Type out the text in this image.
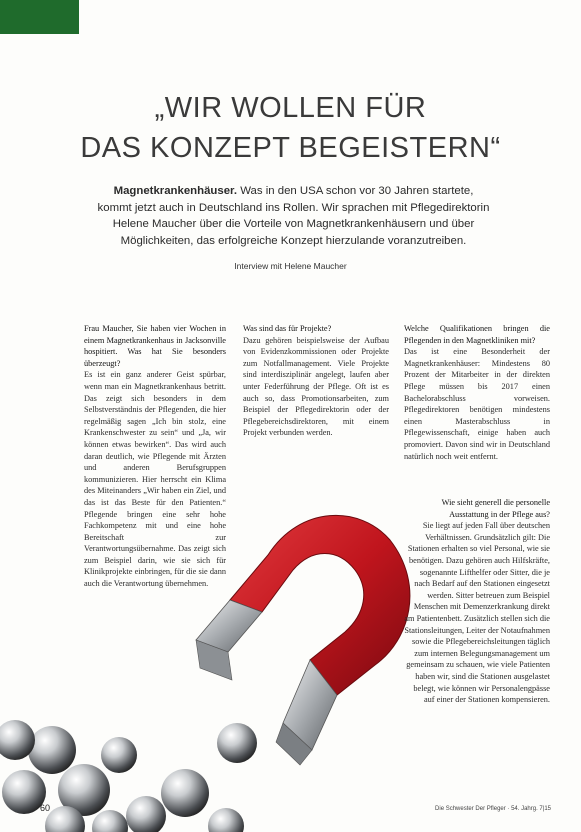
„WIR WOLLEN FÜR
DAS KONZEPT BEGEISTERN“
Magnetkrankenhäuser. Was in den USA schon vor 30 Jahren startete, kommt jetzt auch in Deutschland ins Rollen. Wir sprachen mit Pflegedirektorin Helene Maucher über die Vorteile von Magnetkrankenhäusern und über Möglichkeiten, das erfolgreiche Konzept hierzulande voranzutreiben.
Interview mit Helene Maucher

Frau Maucher, Sie haben vier Wochen in einem Magnetkrankenhaus in Jacksonville hospitiert. Was hat Sie besonders überzeugt?

Es ist ein ganz anderer Geist spürbar, wenn man ein Magnetkrankenhaus betritt. Das zeigt sich besonders in dem Selbstverständnis der Pflegenden, die hier regelmäßig sagen „Ich bin stolz, eine Krankenschwester zu sein“ und „Ja, wir können etwas bewirken“. Das wird auch daran deutlich, wie Pflegende mit Ärzten und anderen Berufsgruppen kommunizieren. Hier herrscht ein Klima des Miteinanders „Wir haben ein Ziel, und das ist das Beste für den Patienten.“ Pflegende bringen eine sehr hohe Fachkompetenz mit und eine hohe Bereitschaft zur Verantwortungsübernahme. Das zeigt sich zum Beispiel darin, wie sie sich für Klinikprojekte einbringen, für die sie dann auch die Verantwortung übernehmen.

Was sind das für Projekte?

Dazu gehören beispielsweise der Aufbau von Evidenzkommissionen oder Projekte zum Notfallmanagement. Viele Projekte sind interdisziplinär angelegt, laufen aber unter Federführung der Pflege. Oft ist es auch so, dass Promotionsarbeiten, zum Beispiel der Pflegedirektorin oder der Pflegebereichsdirektoren, mit einem Projekt verbunden werden.

Welche Qualifikationen bringen die Pflegenden in den Magnetkliniken mit?

Das ist eine Besonderheit der Magnetkrankenhäuser: Mindestens 80 Prozent der Mitarbeiter in der direkten Pflege müssen bis 2017 einen Bachelorabschluss vorweisen. Pflegedirektoren benötigen mindestens einen Masterabschluss in Pflegewissenschaft, einige haben auch promoviert. Davon sind wir in Deutschland natürlich noch weit entfernt.

Wie sieht generell die personelle Ausstattung in der Pflege aus?

Sie liegt auf jeden Fall über deutschen Verhältnissen. Grundsätzlich gilt: Die Stationen erhalten so viel Personal, wie sie benötigen. Dazu gehören auch Hilfskräfte, sogenannte Lifthelfer oder Sitter, die je nach Bedarf auf den Stationen eingesetzt werden. Sitter betreuen zum Beispiel Menschen mit Demenzerkrankung direkt am Patientenbett. Zusätzlich stellen sich die Stationsleitungen, Leiter der Notaufnahmen sowie die Pflegebereichsleitungen täglich zum internen Belegungsmanagement um gemeinsam zu schauen, wie viele Patienten haben wir, sind die Stationen ausgelastet belegt, wie können wir Personalengpässe auf einer der Stationen kompensieren.

60	Die Schwester Der Pfleger · 54. Jahrg. 7|15
